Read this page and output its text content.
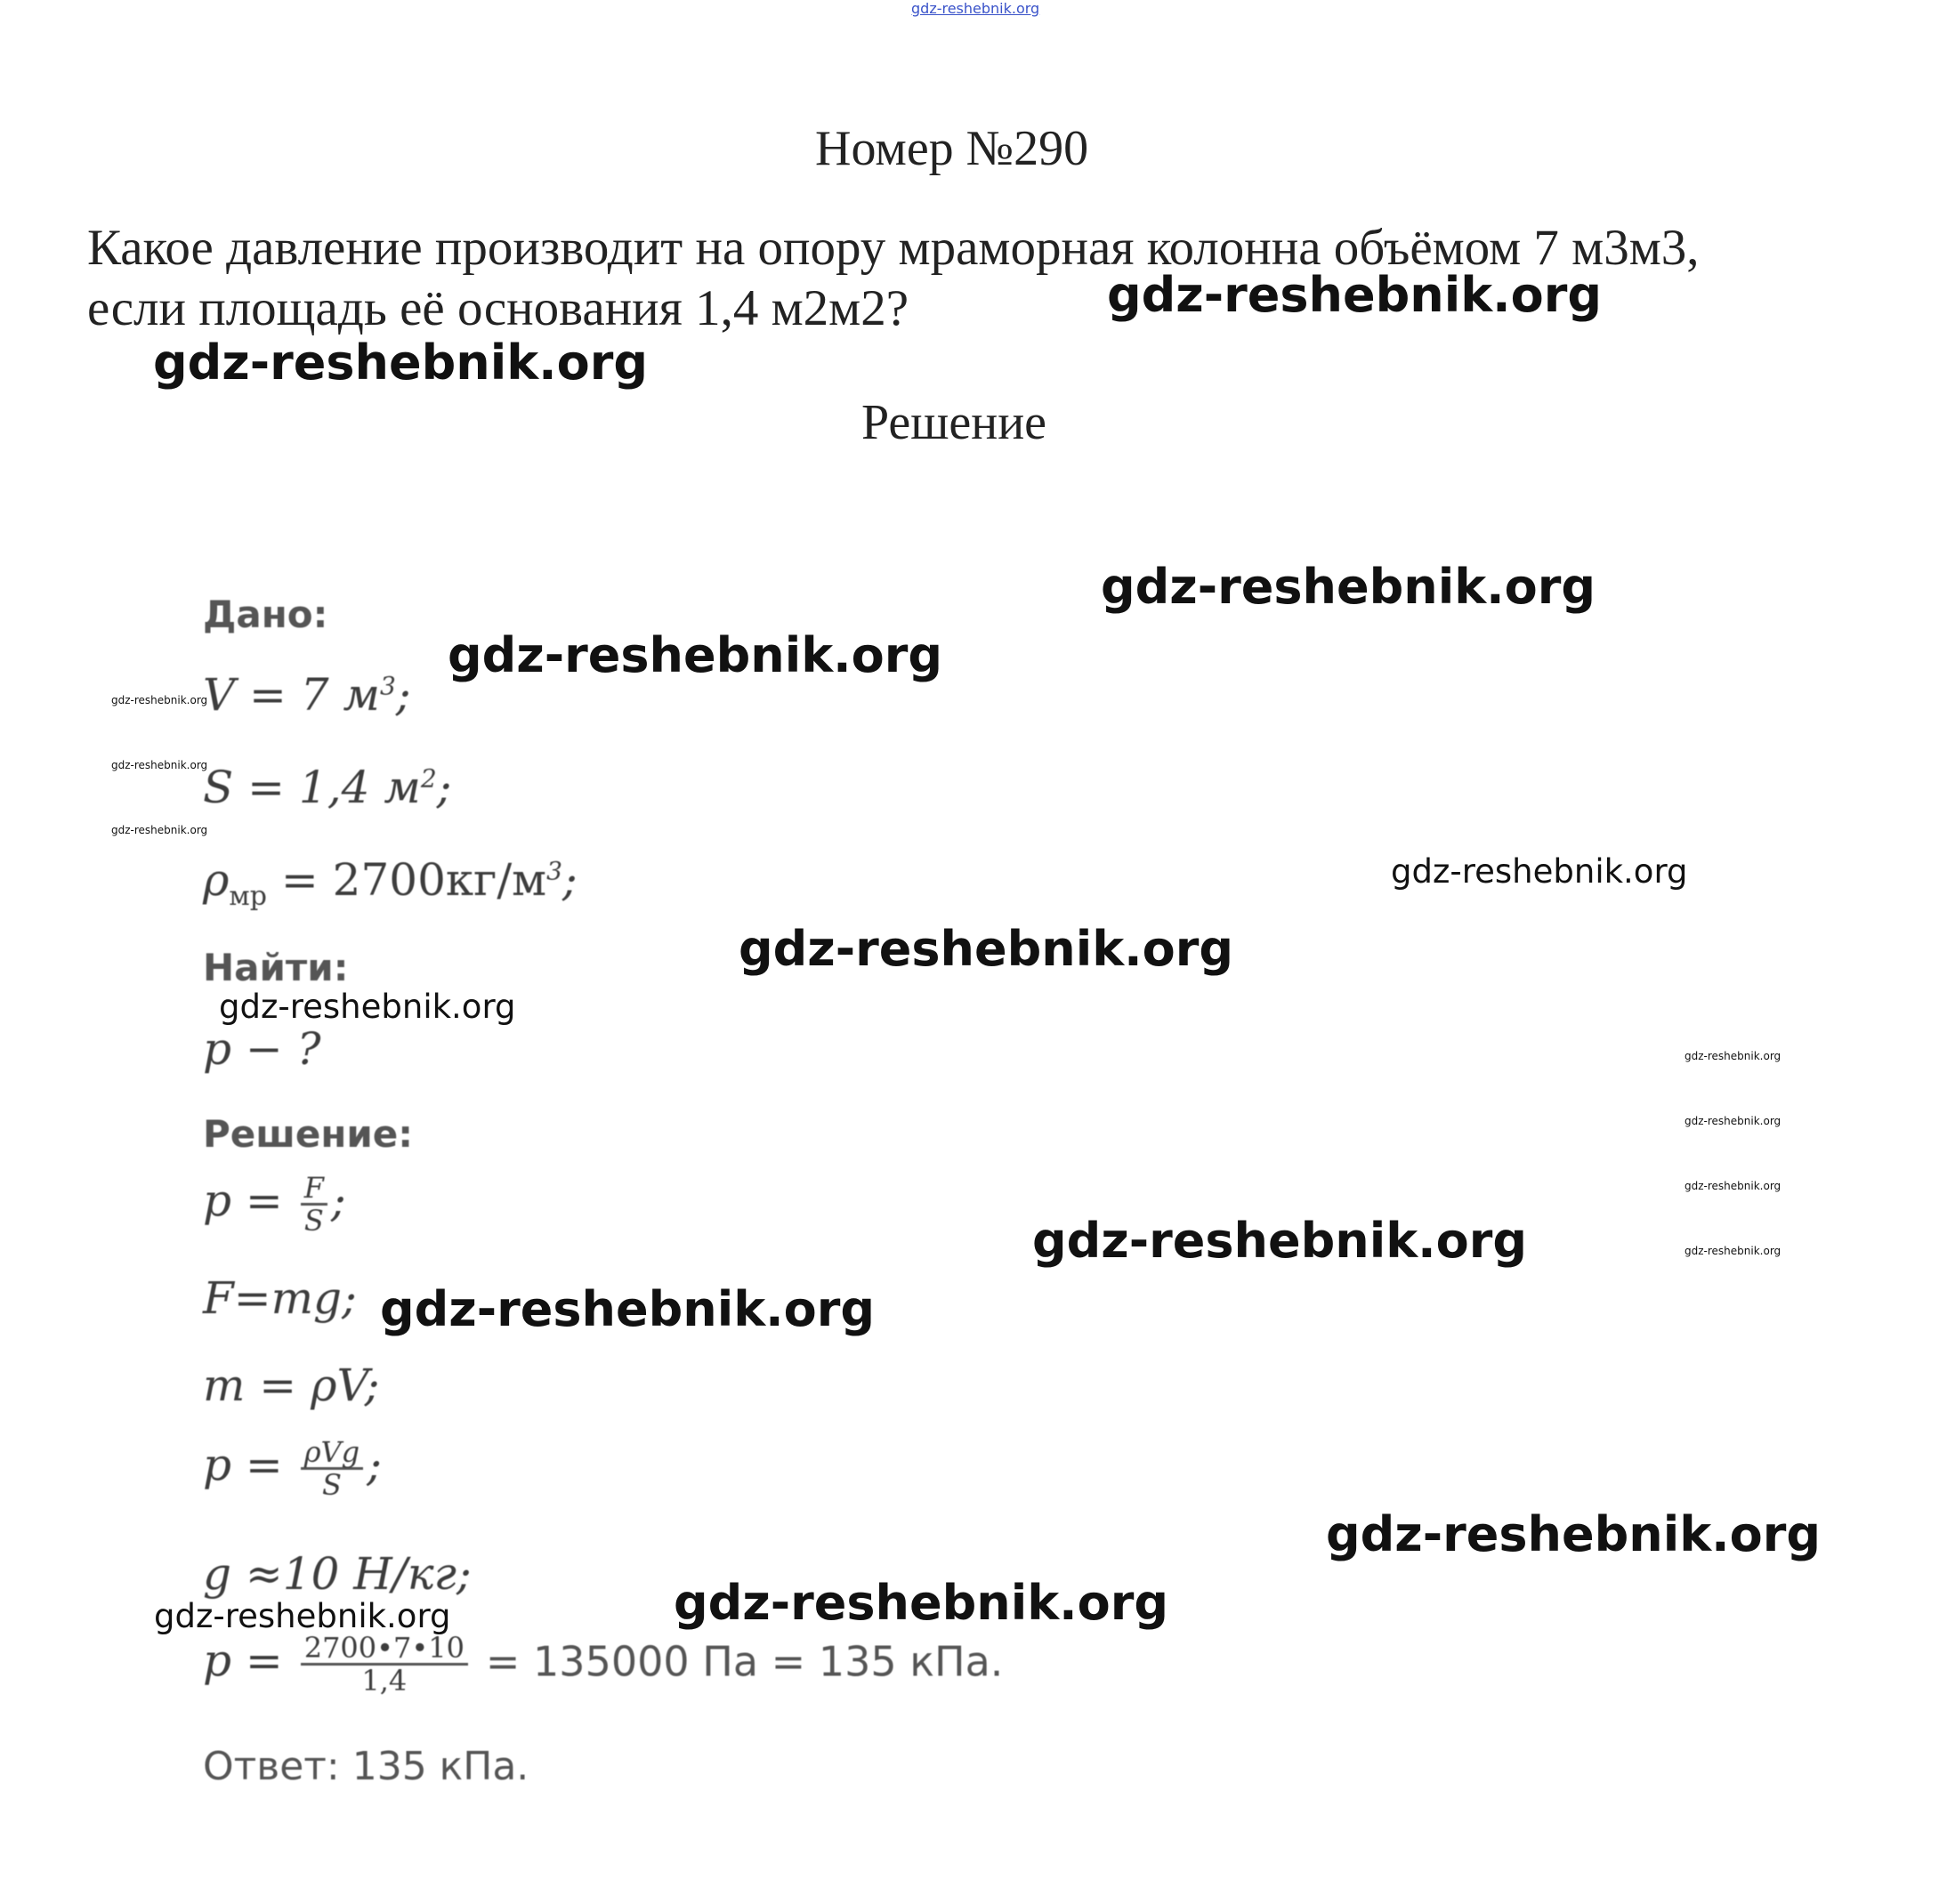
gdz-reshebnik.org
Номер №290
Какое давление производит на опору мраморная колонна объёмом 7 м3м3,
если площадь её основания 1,4 м2м2?
Решение
Дано:
V = 7 $м^3$;
S = 1,4 $м^2$;
$\rho_{мр} = 2700кг/м^3$;
Найти:
p − ?
Решение:
$p = \frac{F}{S}$ ;
F=mg;
m = ρV;
$p = \frac{\text{ρVg}}{S}$ ;
g ≈10 Н/кг;
$p = \frac{2700•7•10}{1,4} = 135000$ Па = 135 кПа.
Ответ: 135 кПа.
gdz-reshebnik.org
gdz-reshebnik.org
gdz-reshebnik.org
gdz-reshebnik.org
gdz-reshebnik.org
gdz-reshebnik.org
gdz-reshebnik.org
gdz-reshebnik.org
gdz-reshebnik.org
gdz-reshebnik.org
gdz-reshebnik.org
gdz-reshebnik.org
gdz-reshebnik.org
gdz-reshebnik.org
gdz-reshebnik.org
gdz-reshebnik.org
gdz-reshebnik.org
gdz-reshebnik.org
gdz-reshebnik.org
